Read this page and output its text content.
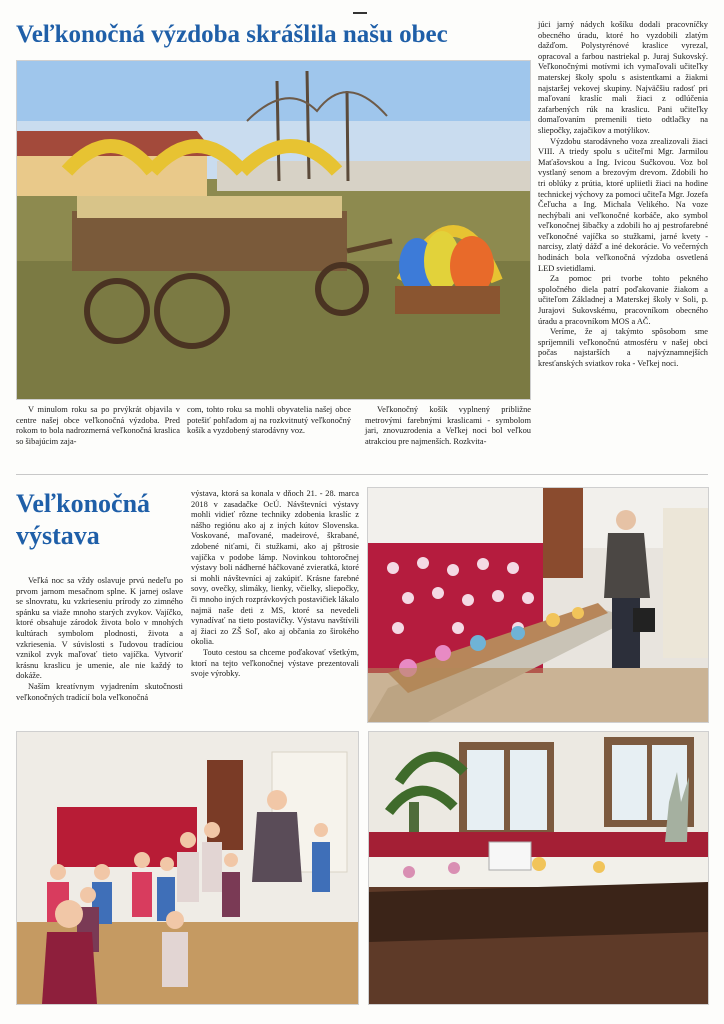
Veľkonočná výzdoba skrášlila našu obec

V minulom roku sa po prvýkrát objavila v centre našej obce veľkonočná výzdoba. Pred rokom to bola nadrozmerná veľkonočná kraslica so šibajúcim zaja-

com, tohto roku sa mohli obyvatelia našej obce potešiť pohľadom aj na rozkvitnutý veľkonočný košík a vyzdobený starodávny voz.

Veľkonočný košík vyplnený približne metrovými farebnými kraslicami - symbolom jari, znovuzrodenia a Veľkej noci bol veľkou atrakciou pre najmenších. Rozkvita-

júci jarný nádych košíku dodali pracovníčky obecného úradu, ktoré ho vyzdobili zlatým dažďom. Polystyrénové kraslice vyrezal, opracoval a farbou nastriekal p. Juraj Sukovský. Veľkonočnými motívmi ich vymaľovali učiteľky materskej školy spolu s asistentkami a žiakmi najstaršej vekovej skupiny. Najväčšiu radosť pri maľovaní kraslíc mali žiaci z odlúčenia zafarbených rúk na kraslicu. Pani učiteľky domaľovaním premenili tieto odtlačky na sliepočky, zajačikov a motýlikov.

Výzdobu starodávneho voza zrealizovali žiaci VIII. A triedy spolu s učiteľmi Mgr. Jarmilou Maťašovskou a Ing. Ivicou Sučkovou. Voz bol vystlaný senom a brezovým drevom. Zdobili ho tri oblúky z prútia, ktoré upliietli žiaci na hodine technickej výchovy za pomoci učiteľa Mgr. Jozefa Čeľucha a Ing. Michala Velikého. Na voze nechýbali ani veľkonočné korbáče, ako symbol veľkonočnej šibačky a zdobili ho aj pestrofarebné veľkonočné vajíčka so stužkami, jarné kvety - narcisy, zlatý dážď a iné dekorácie. Vo večerných hodinách bola veľkonočná výzdoba osvetlená LED svietidlami.

Za pomoc pri tvorbe tohto pekného spoločného diela patrí poďakovanie žiakom a učiteľom Základnej a Materskej školy v Soli, p. Jurajovi Sukovskému, pracovníkom obecného úradu a pracovníkom MOS a AČ.

Veríme, že aj takýmto spôsobom sme spríjemnili veľkonočnú atmosféru v našej obci počas najstarších a najvýznamnejších kresťanských sviatkov roka - Veľkej noci.

Veľkonočná
výstava

Veľká noc sa vždy oslavuje prvú nedeľu po prvom jarnom mesačnom splne. K jarnej oslave se slnovratu, ku vzkrieseniu prírody zo zimného spánku sa viaže mnoho starých zvykov. Vajíčko, ktoré obsahuje zárodok života bolo v mnohých kultúrach symbolom plodnosti, života a vzkriesenia. V súvislosti s ľudovou tradíciou vznikol zvyk maľovať tieto vajíčka. Vytvoriť krásnu kraslicu je umenie, ale nie každý to dokáže.

Naším kreatívnym vyjadrením skutočnosti veľkonočných tradícií bola veľkonočná

výstava, ktorá sa konala v dňoch 21. - 28. marca 2018 v zasadačke OcÚ. Návštevníci výstavy mohli vidieť rôzne techniky zdobenia kraslíc z nášho regiónu ako aj z iných kútov Slovenska. Voskované, maľované, madeirové, škrabané, zdobené niťami, či stužkami, ako aj pštrosie vajíčka v podobe lámp. Novinkou tohtoročnej výstavy boli nádherné háčkované zvieratká, ktoré si mohli návštevníci aj zakúpiť. Krásne farebné sovy, ovečky, slimáky, lienky, včielky, sliepočky, či mnoho iných rozprávkových postavičiek lákalo najmä naše deti z MS, ktoré sa nevedeli vynadívať na tieto postavičky. Výstavu navštívili aj žiaci zo ZŠ Soľ, ako aj občania zo širokého okolia.

Touto cestou sa chceme poďakovať všetkým, ktorí na tejto veľkonočnej výstave prezentovali svoje výrobky.
